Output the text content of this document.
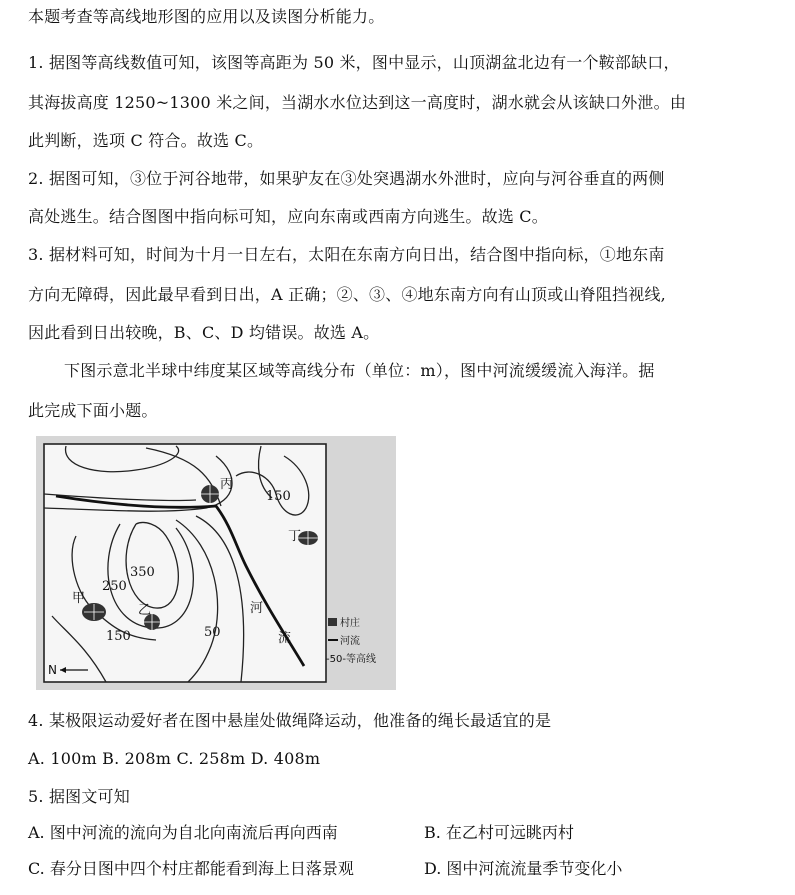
本题考查等高线地形图的应用以及读图分析能力。
1. 据图等高线数值可知，该图等高距为 50 米，图中显示，山顶湖盆北边有一个鞍部缺口，
其海拔高度 1250~1300 米之间，当湖水水位达到这一高度时，湖水就会从该缺口外泄。由
此判断，选项 C 符合。故选 C。
2. 据图可知，③位于河谷地带，如果驴友在③处突遇湖水外泄时，应向与河谷垂直的两侧
高处逃生。结合图图中指向标可知，应向东南或西南方向逃生。故选 C。
3. 据材料可知，时间为十月一日左右，太阳在东南方向日出，结合图中指向标，①地东南
方向无障碍，因此最早看到日出，A 正确；②、③、④地东南方向有山顶或山脊阻挡视线,
因此看到日出较晚，B、C、D 均错误。故选 A。
下图示意北半球中纬度某区域等高线分布（单位：m），图中河流缓缓流入海洋。据
此完成下面小题。
350
250
150	50
150
甲
乙
丙
丁
河
流
N
村庄
河流
-50-等高线
4. 某极限运动爱好者在图中悬崖处做绳降运动，他准备的绳长最适宜的是
A. 100m B. 208m C. 258m D. 408m
5. 据图文可知
A. 图中河流的流向为自北向南流后再向西南	B. 在乙村可远眺丙村
C. 春分日图中四个村庄都能看到海上日落景观	D. 图中河流流量季节变化小
